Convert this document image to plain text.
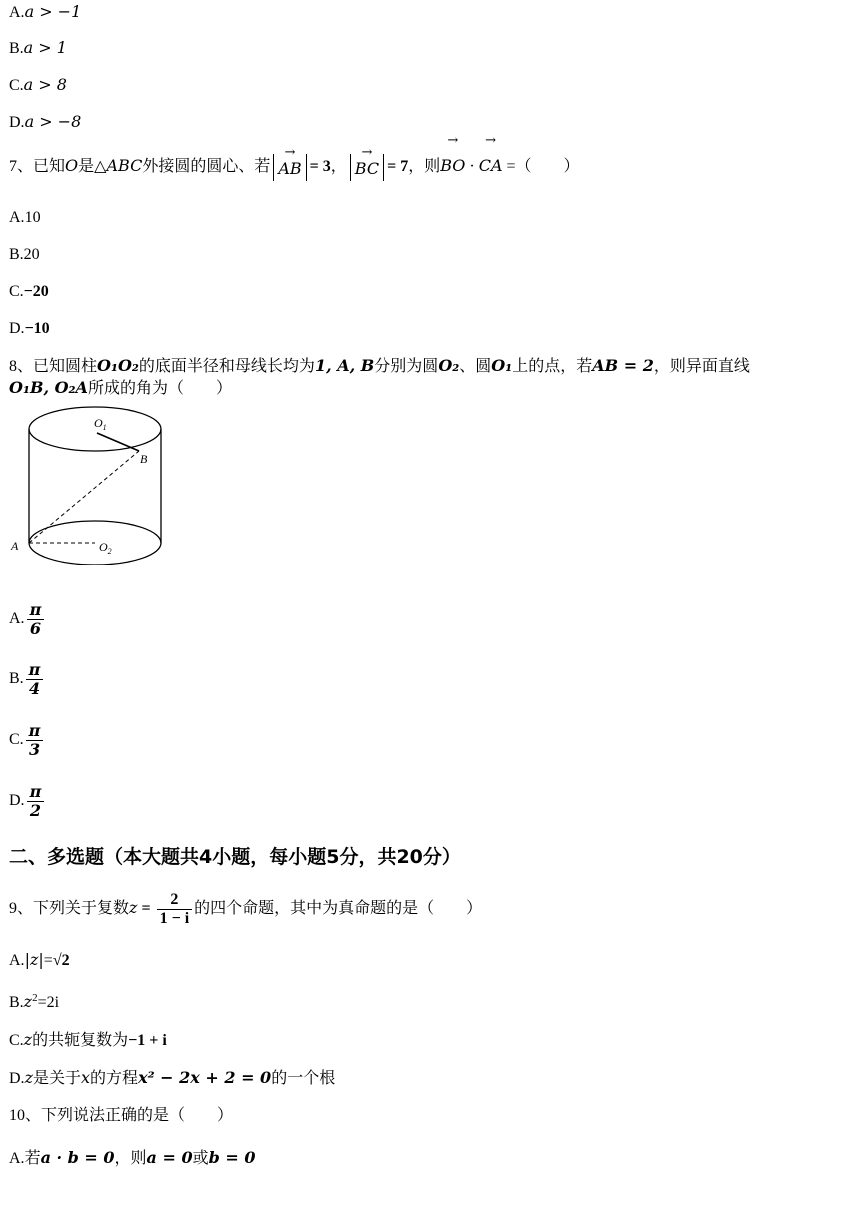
A.a > −1
B.a > 1
C.a > 8
D.a > −8
7、已知O是△ABC外接圆的圆心、若
→
AB = 3，
→
BC = 7，则
→
BO ·
→
CA =（　　）
A.10
B.20
C.−20
D.−10
8、已知圆柱O₁O₂的底面半径和母线长均为1, A, B分别为圆O₂、圆O₁上的点，若AB = 2，则异面直线
O₁B, O₂A所成的角为（　　）
$O_1$
B
A	$O_2$
A. $\frac{\pi}{6}$
B. $\frac{\pi}{4}$
C. $\frac{\pi}{3}$
D. $\frac{\pi}{2}$
二、多选题（本大题共4小题，每小题5分，共20分）
9、下列关于复数$z = \frac{2}{1 - i}$ 的四个命题，其中为真命题的是（　　）
A.|z|=√2
$B.z^2=2i$
C.z的共轭复数为−1 + i
D.z是关于x的方程x² − 2x + 2 = 0的一个根
10、下列说法正确的是（　　）
A.若a · b = 0，则a = 0或b = 0
